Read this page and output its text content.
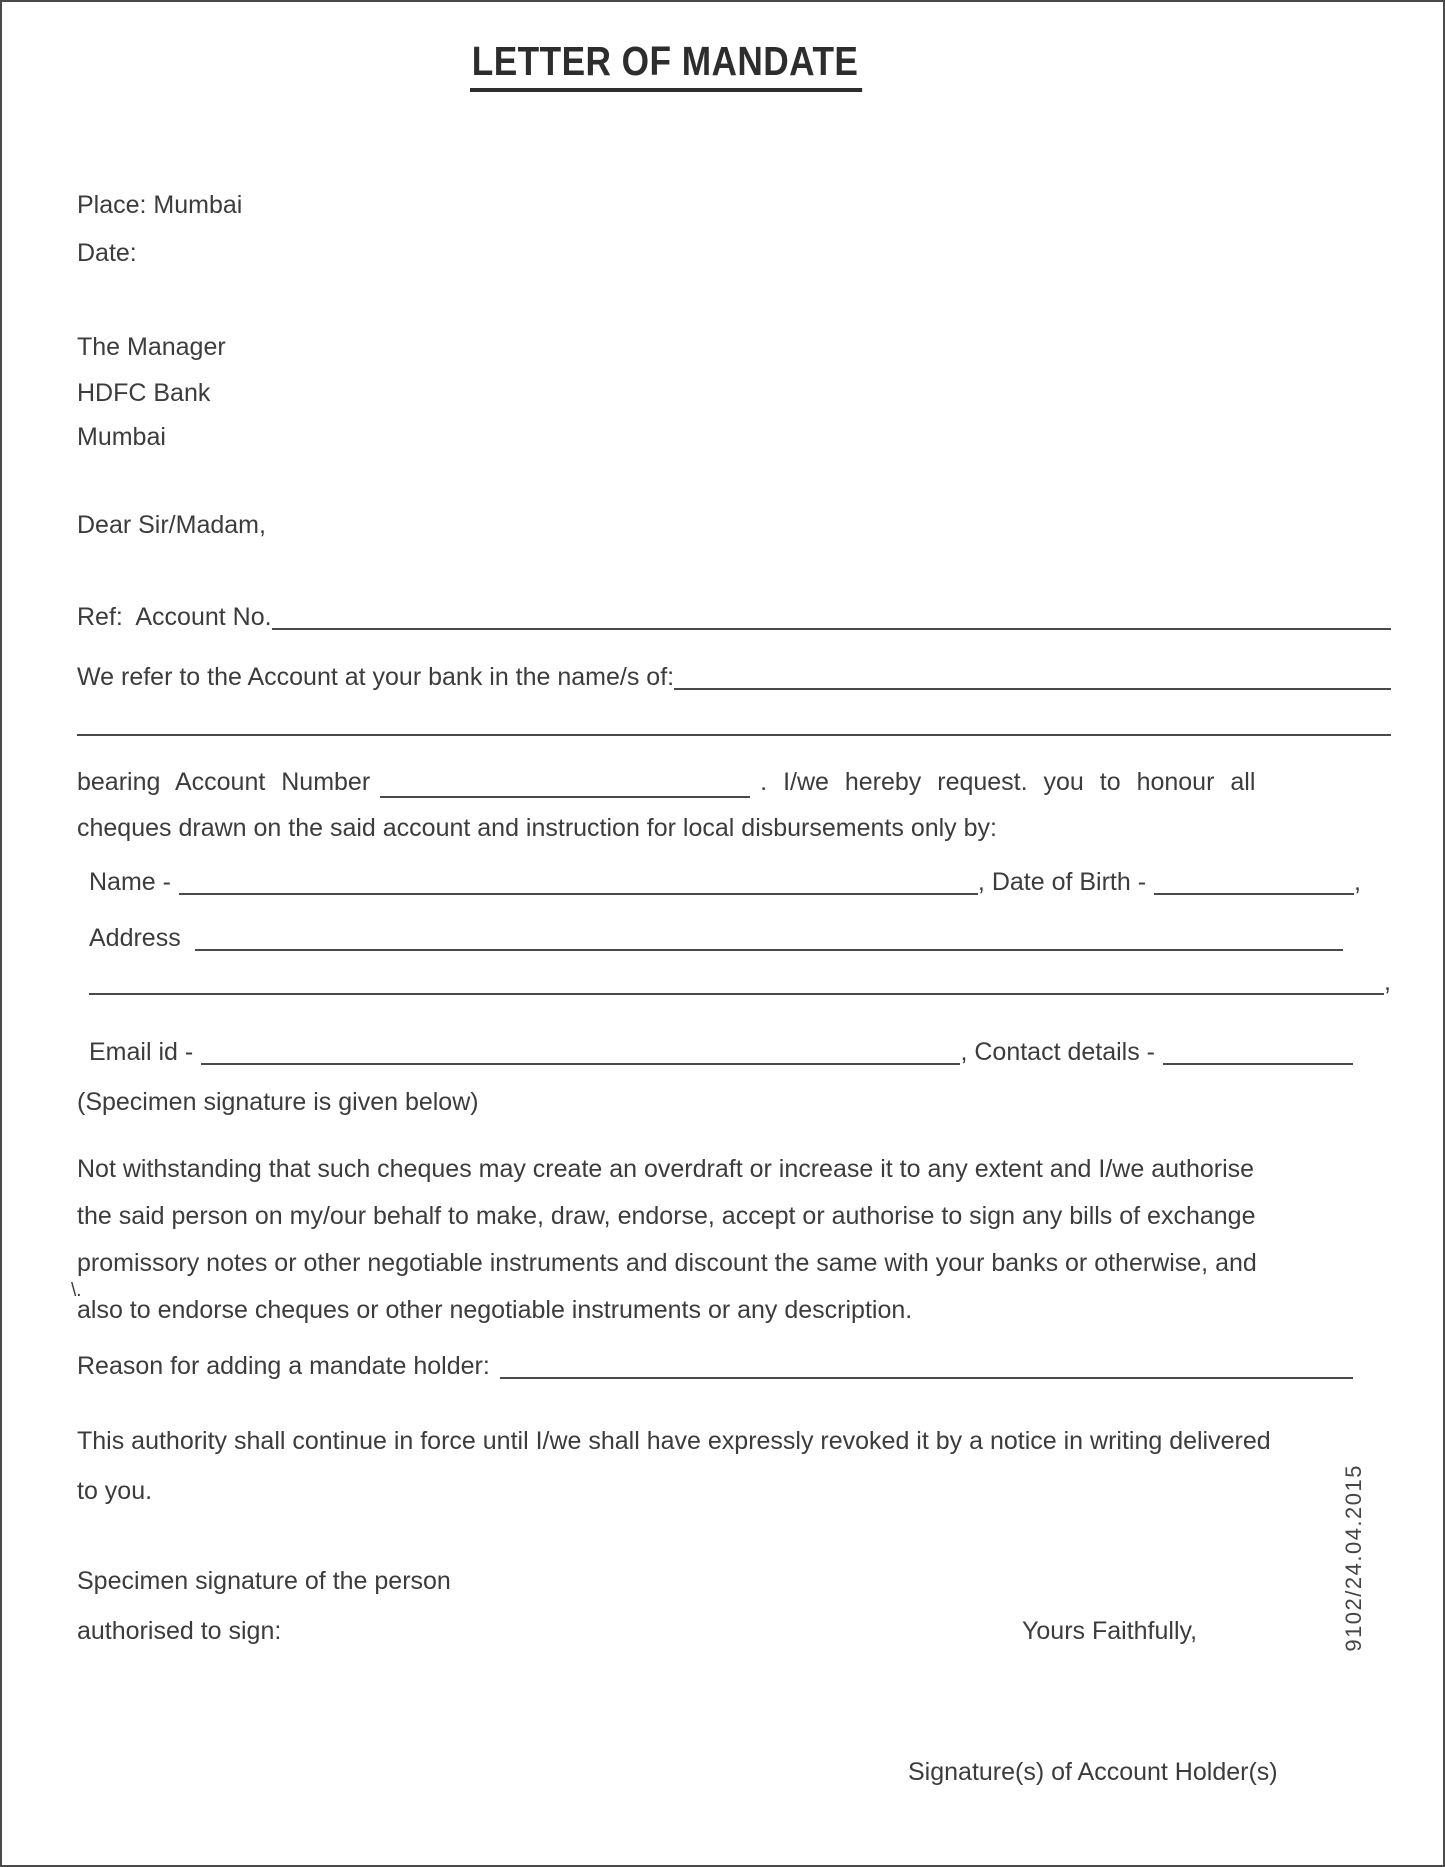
LETTER OF MANDATE
Place: Mumbai
Date:
The Manager
HDFC Bank
Mumbai
Dear Sir/Madam,
Ref:  Account No.
We refer to the Account at your bank in the name/s of:
bearing Account Number	. I/we hereby request. you to honour all
cheques drawn on the said account and instruction for local disbursements only by:
Name -	, Date of Birth -	,
Address
,
Email id -	, Contact details -
(Specimen signature is given below)
Not withstanding that such cheques may create an overdraft or increase it to any extent and I/we authorise
the said person on my/our behalf to make, draw, endorse, accept or authorise to sign any bills of exchange
promissory notes or other negotiable instruments and discount the same with your banks or otherwise, and
also to endorse cheques or other negotiable instruments or any description.
\.
Reason for adding a mandate holder:
This authority shall continue in force until I/we shall have expressly revoked it by a notice in writing delivered
to you.
Specimen signature of the person
authorised to sign:	Yours Faithfully,
Signature(s) of Account Holder(s)
9102/24.04.2015
